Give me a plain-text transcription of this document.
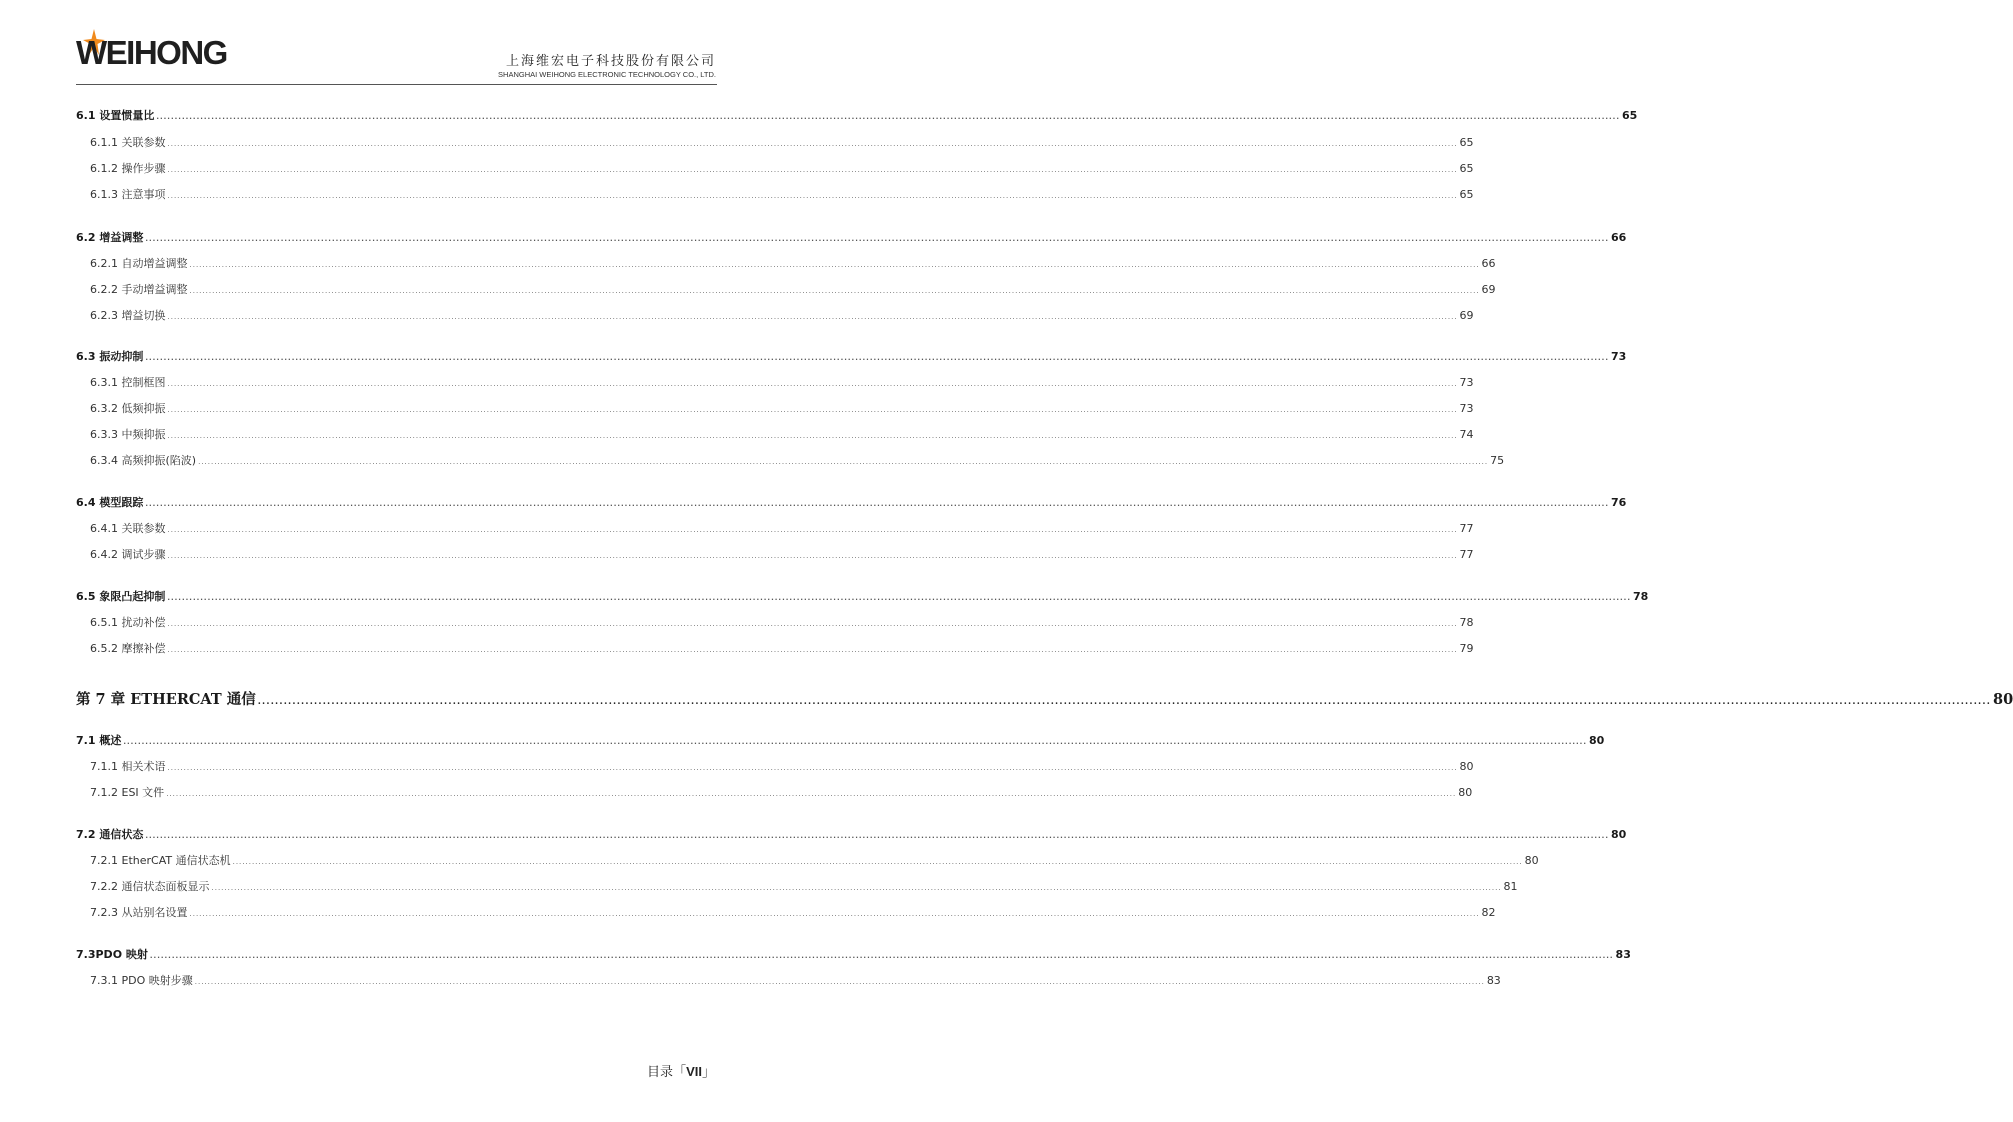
WEIHONG	上海维宏电子科技股份有限公司
SHANGHAI WEIHONG ELECTRONIC TECHNOLOGY CO., LTD.
6.1 设置惯量比 ................................................................................................................................................................................................................................................................................................................................................................................................................ 65
6.1.1 关联参数 ................................................................................................................................................................................................................................................................................................................................................................................................................ 65
6.1.2 操作步骤 ................................................................................................................................................................................................................................................................................................................................................................................................................ 65
6.1.3 注意事项 ................................................................................................................................................................................................................................................................................................................................................................................................................ 65
6.2 增益调整 ................................................................................................................................................................................................................................................................................................................................................................................................................ 66
6.2.1 自动增益调整 ................................................................................................................................................................................................................................................................................................................................................................................................................ 66
6.2.2 手动增益调整 ................................................................................................................................................................................................................................................................................................................................................................................................................ 69
6.2.3 增益切换 ................................................................................................................................................................................................................................................................................................................................................................................................................ 69
6.3 振动抑制 ................................................................................................................................................................................................................................................................................................................................................................................................................ 73
6.3.1 控制框图 ................................................................................................................................................................................................................................................................................................................................................................................................................ 73
6.3.2 低频抑振 ................................................................................................................................................................................................................................................................................................................................................................................................................ 73
6.3.3 中频抑振 ................................................................................................................................................................................................................................................................................................................................................................................................................ 74
6.3.4 高频抑振(陷波) ................................................................................................................................................................................................................................................................................................................................................................................................................ 75
6.4 模型跟踪 ................................................................................................................................................................................................................................................................................................................................................................................................................ 76
6.4.1 关联参数 ................................................................................................................................................................................................................................................................................................................................................................................................................ 77
6.4.2 调试步骤 ................................................................................................................................................................................................................................................................................................................................................................................................................ 77
6.5 象限凸起抑制 ................................................................................................................................................................................................................................................................................................................................................................................................................ 78
6.5.1 扰动补偿 ................................................................................................................................................................................................................................................................................................................................................................................................................ 78
6.5.2 摩擦补偿 ................................................................................................................................................................................................................................................................................................................................................................................................................ 79
第 7 章 ETHERCAT 通信 ................................................................................................................................................................................................................................................................................................................................................................................................................ 80
7.1 概述 ................................................................................................................................................................................................................................................................................................................................................................................................................ 80
7.1.1 相关术语 ................................................................................................................................................................................................................................................................................................................................................................................................................ 80
7.1.2 ESI 文件 ................................................................................................................................................................................................................................................................................................................................................................................................................ 80
7.2 通信状态 ................................................................................................................................................................................................................................................................................................................................................................................................................ 80
7.2.1 EtherCAT 通信状态机 ................................................................................................................................................................................................................................................................................................................................................................................................................ 80
7.2.2 通信状态面板显示 ................................................................................................................................................................................................................................................................................................................................................................................................................ 81
7.2.3 从站别名设置 ................................................................................................................................................................................................................................................................................................................................................................................................................ 82
7.3 PDO 映射 ................................................................................................................................................................................................................................................................................................................................................................................................................ 83
7.3.1 PDO 映射步骤 ................................................................................................................................................................................................................................................................................................................................................................................................................ 83
目录「VII」
